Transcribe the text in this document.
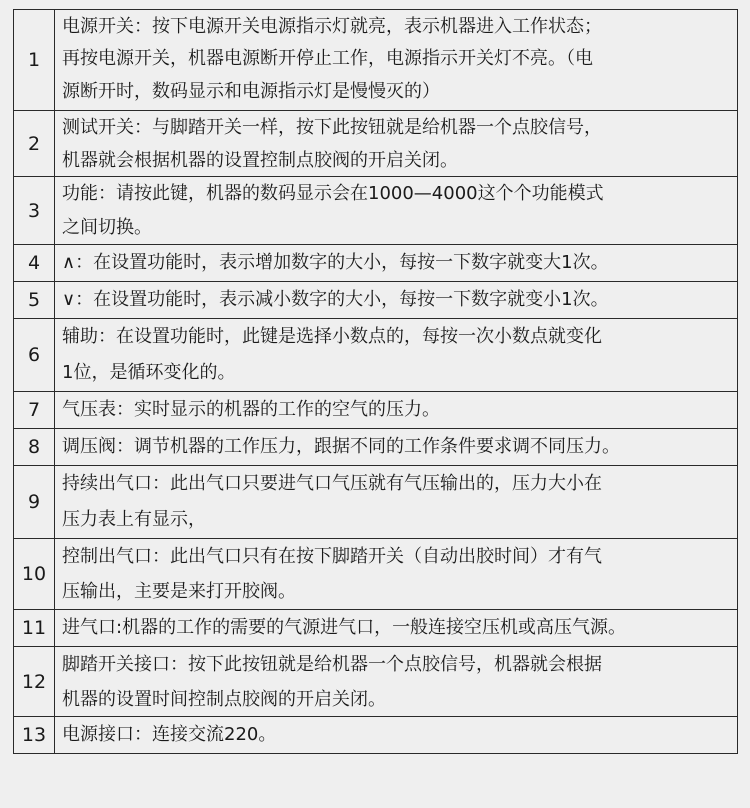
1	电源开关：按下电源开关电源指示灯就亮，表示机器进入工作状态；

	再按电源开关，机器电源断开停止工作，电源指示开关灯不亮。（电

	源断开时，数码显示和电源指示灯是慢慢灭的）

2	测试开关：与脚踏开关一样，按下此按钮就是给机器一个点胶信号，

	机器就会根据机器的设置控制点胶阀的开启关闭。

3	功能：请按此键，机器的数码显示会在1000—4000这个个功能模式

	之间切换。

4	∧：在设置功能时，表示增加数字的大小，每按一下数字就变大1次。

5	∨：在设置功能时，表示减小数字的大小，每按一下数字就变小1次。

6	辅助：在设置功能时，此键是选择小数点的，每按一次小数点就变化

	1位，是循环变化的。

7	气压表：实时显示的机器的工作的空气的压力。

8	调压阀：调节机器的工作压力，跟据不同的工作条件要求调不同压力。

9	持续出气口：此出气口只要进气口气压就有气压输出的，压力大小在

	压力表上有显示，

10	控制出气口：此出气口只有在按下脚踏开关（自动出胶时间）才有气

	压输出，主要是来打开胶阀。

11	进气口:机器的工作的需要的气源进气口，一般连接空压机或高压气源。

12	脚踏开关接口：按下此按钮就是给机器一个点胶信号，机器就会根据

	机器的设置时间控制点胶阀的开启关闭。

13	电源接口：连接交流220。
